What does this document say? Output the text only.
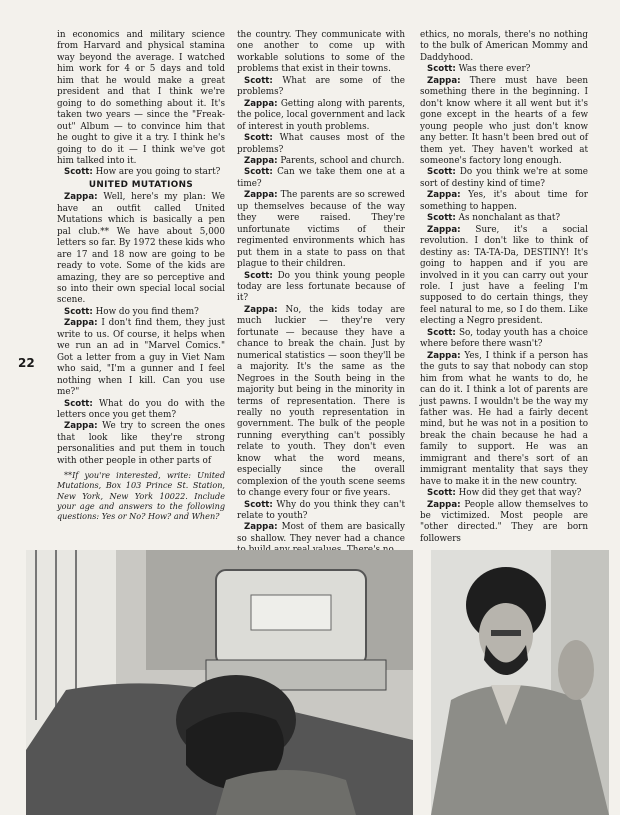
22

in economics and military science from Harvard and physical stamina way beyond the average. I watched him work for 4 or 5 days and told him that he would make a great president and that I think we're going to do something about it. It's taken two years — since the "Freak-out" Album — to convince him that he ought to give it a try. I think he's going to do it — I think we've got him talked into it.

Scott: How are you going to start?

UNITED MUTATIONS

Zappa: Well, here's my plan: We have an outfit called United Mutations which is basically a pen pal club.** We have about 5,000 letters so far. By 1972 these kids who are 17 and 18 now are going to be ready to vote. Some of the kids are amazing, they are so perceptive and so into their own special local social scene.

Scott: How do you find them?

Zappa: I don't find them, they just write to us. Of course, it helps when we run an ad in "Marvel Comics." Got a letter from a guy in Viet Nam who said, "I'm a gunner and I feel nothing when I kill. Can you use me?"

Scott: What do you do with the letters once you get them?

Zappa: We try to screen the ones that look like they're strong personalities and put them in touch with other people in other parts of

**If you're interested, write: United Mutations, Box 103 Prince St. Station, New York, New York 10022. Include your age and answers to the following questions: Yes or No? How? and When?

the country. They communicate with one another to come up with workable solutions to some of the problems that exist in their towns.

Scott: What are some of the problems?

Zappa: Getting along with parents, the police, local government and lack of interest in youth problems.

Scott: What causes most of the problems?

Zappa: Parents, school and church.

Scott: Can we take them one at a time?

Zappa: The parents are so screwed up themselves because of the way they were raised. They're unfortunate victims of their regimented environments which has put them in a state to pass on that plague to their children.

Scott: Do you think young people today are less fortunate because of it?

Zappa: No, the kids today are much luckier — they're very fortunate — because they have a chance to break the chain. Just by numerical statistics — soon they'll be a majority. It's the same as the Negroes in the South being in the majority but being in the minority in terms of representation. There is really no youth representation in government. The bulk of the people running everything can't possibly relate to youth. They don't even know what the word means, especially since the overall complexion of the youth scene seems to change every four or five years.

Scott: Why do you think they can't relate to youth?

Zappa: Most of them are basically so shallow. They never had a chance

ethics, no morals, there's no nothing to the bulk of American Mommy and Daddyhood.

Scott: Was there ever?

Zappa: There must have been something there in the beginning. I don't know where it all went but it's gone except in the hearts of a few young people who just don't know any better. It hasn't been bred out of them yet. They haven't worked at someone's factory long enough.

Scott: Do you think we're at some sort of destiny kind of time?

Zappa: Yes, it's about time for something to happen.

Scott: As nonchalant as that?

Zappa: Sure, it's a social revolution. I don't like to think of destiny as: TA-TA-Da, DESTINY! It's going to happen and if you are involved in it you can carry out your role. I just have a feeling I'm supposed to do certain things, they feel natural to me, so I do them. Like electing a Negro president.

Scott: So, today youth has a choice where before there wasn't?

Zappa: Yes, I think if a person has the guts to say that nobody can stop him from what he wants to do, he can do it. I think a lot of parents are just pawns. I wouldn't be the way my father was. He had a fairly decent mind, but he was not in a position to break the chain because he had a family to support. He was an immigrant and there's sort of an immigrant mentality that says they have to make it in the new country.

Scott: How did they get that way?

Zappa: People allow themselves to be victimized. Most people are "other directed." They are born followers
